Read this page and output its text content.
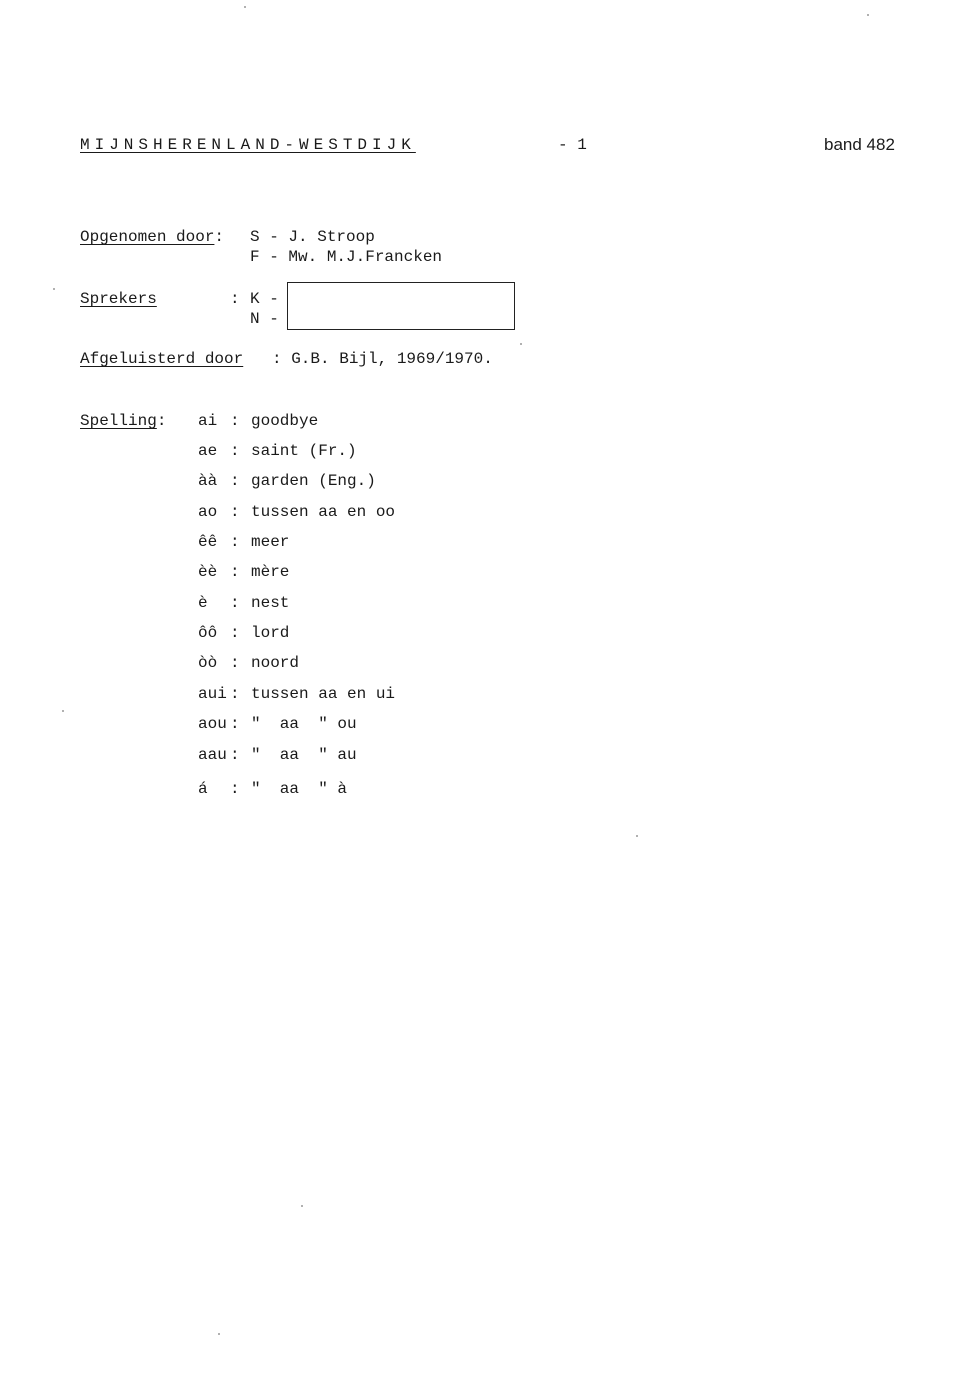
MIJNSHERENLAND-WESTDIJK	- 1	band 482
Opgenomen door: S - J. Stroop
F - Mw. M.J.Francken
Sprekers	: K -
N -
Afgeluisterd door : G.B. Bijl, 1969/1970.
Spelling: ai : goodbye
ae : saint (Fr.)
àà : garden (Eng.)
ao : tussen aa en oo
êê : meer
èè : mère
è : nest
ôô : lord
òò : noord
aui : tussen aa en ui
aou : "  aa  " ou
aau : "  aa  " au
á : "  aa  " à
